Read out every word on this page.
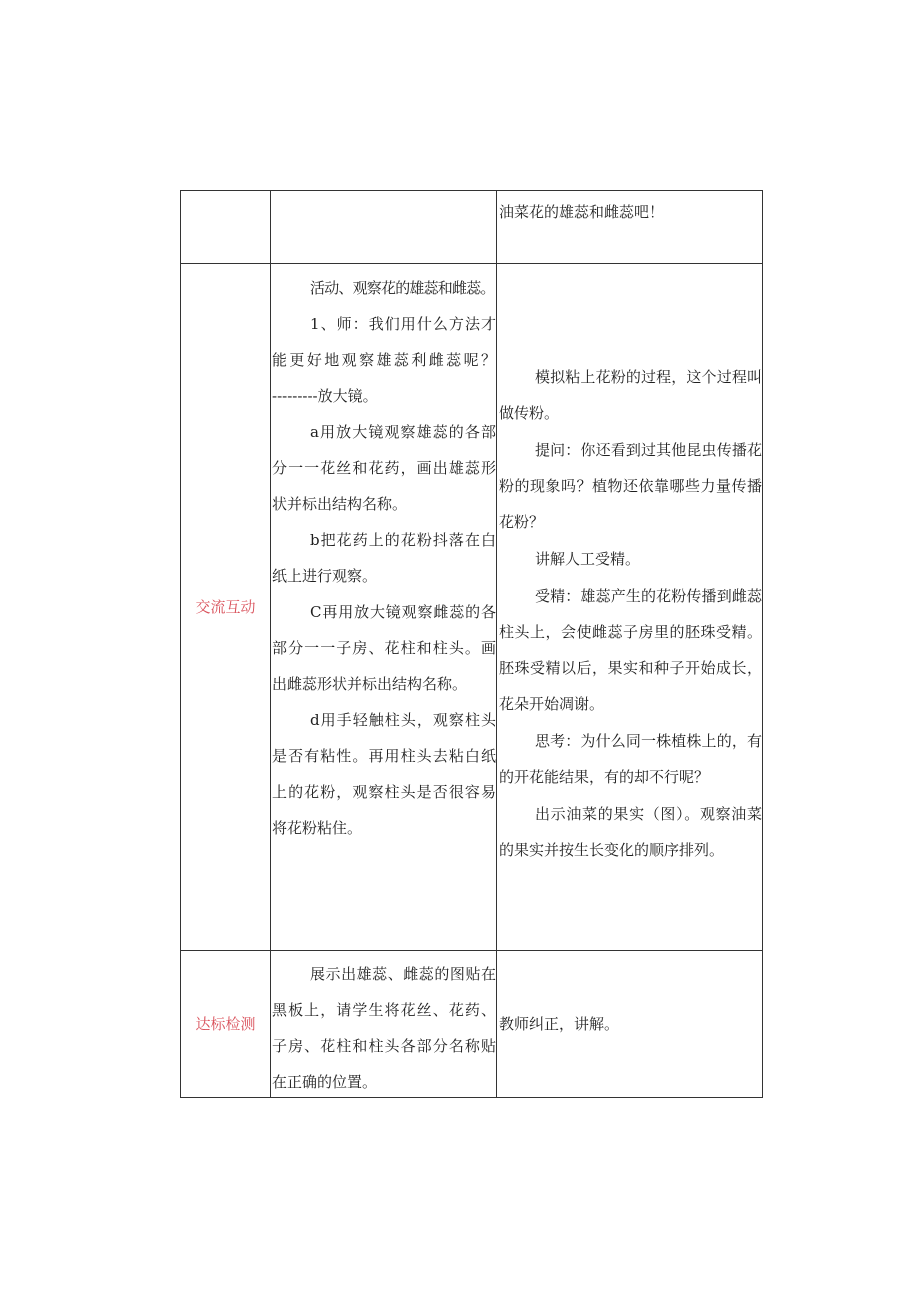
油菜花的雄蕊和雌蕊吧！
交流互动
活动、观察花的雄蕊和雌蕊。
1、师：我们用什么方法才
能更好地观察雄蕊利雌蕊呢？
---------放大镜。
a用放大镜观察雄蕊的各部
分一一花丝和花药，画出雄蕊形
状并标出结构名称。
b把花药上的花粉抖落在白
纸上进行观察。
C再用放大镜观察雌蕊的各
部分一一子房、花柱和柱头。画
出雌蕊形状并标出结构名称。
d用手轻触柱头，观察柱头
是否有粘性。再用柱头去粘白纸
上的花粉，观察柱头是否很容易
将花粉粘住。
模拟粘上花粉的过程，这个过程叫
做传粉。
提问：你还看到过其他昆虫传播花
粉的现象吗？植物还依靠哪些力量传播
花粉？
讲解人工受精。
受精：雄蕊产生的花粉传播到雌蕊
柱头上，会使雌蕊子房里的胚珠受精。
胚珠受精以后，果实和种子开始成长，
花朵开始凋谢。
思考：为什么同一株植株上的，有
的开花能结果，有的却不行呢？
出示油菜的果实（图）。观察油菜
的果实并按生长变化的顺序排列。
达标检测
展示出雄蕊、雌蕊的图贴在
黑板上，请学生将花丝、花药、
子房、花柱和柱头各部分名称贴
在正确的位置。
教师纠正，讲解。
